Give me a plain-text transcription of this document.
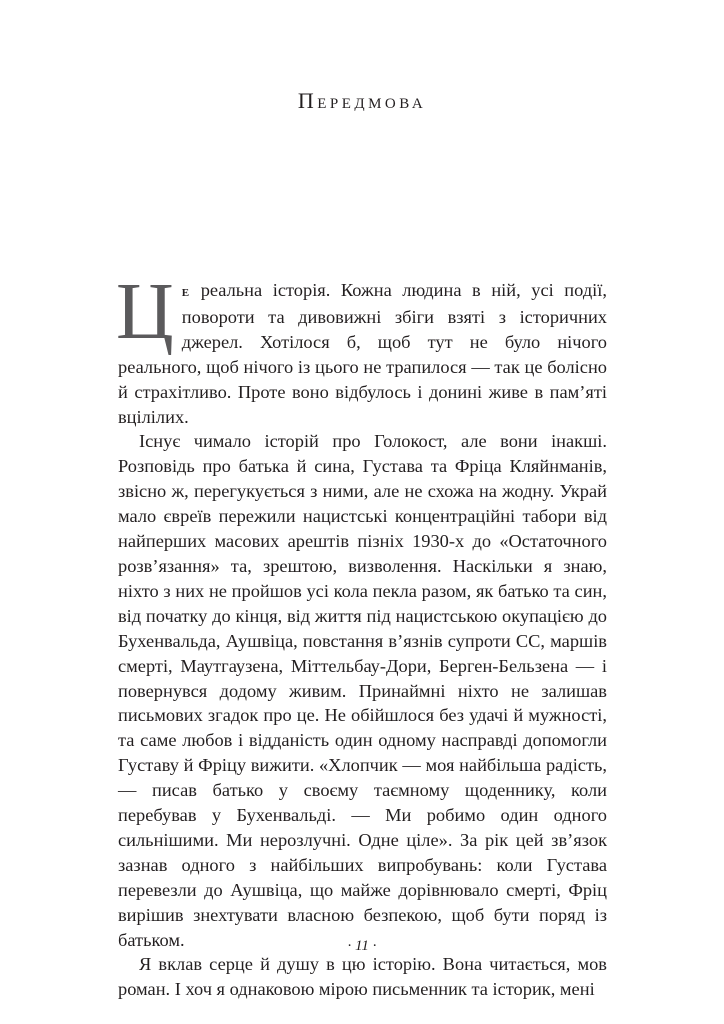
Передмова

Це реальна історія. Кожна людина в ній, усі події, повороти та дивовижні збіги взяті з історичних джерел. Хотілося б, щоб тут не було нічого реального, щоб нічого із цього не трапилося — так це болісно й страхітливо. Проте воно відбулось і донині живе в пам’яті вцілілих.

Існує чимало історій про Голокост, але вони інакші. Розповідь про батька й сина, Густава та Фріца Кляйнманів, звісно ж, перегукується з ними, але не схожа на жодну. Украй мало євреїв пережили нацистські концентраційні табори від найперших масових арештів пізніх 1930-х до «Остаточного розв’язання» та, зрештою, визволення. Наскільки я знаю, ніхто з них не пройшов усі кола пекла разом, як батько та син, від початку до кінця, від життя під нацистською окупацією до Бухенвальда, Аушвіца, повстання в’язнів супроти СС, маршів смерті, Маутгаузена, Міттельбау-Дори, Берген-Бельзена — і повернувся додому живим. Принаймні ніхто не залишав письмових згадок про це. Не обійшлося без удачі й мужності, та саме любов і відданість один одному насправді допомогли Густаву й Фріцу вижити. «Хлопчик — моя найбільша радість, — писав батько у своєму таємному щоденнику, коли перебував у Бухенвальді. — Ми робимо один одного сильнішими. Ми нерозлучні. Одне ціле». За рік цей зв’язок зазнав одного з найбільших випробувань: коли Густава перевезли до Аушвіца, що майже дорівнювало смерті, Фріц вирішив знехтувати власною безпекою, щоб бути поряд із батьком.

Я вклав серце й душу в цю історію. Вона читається, мов роман. І хоч я однаковою мірою письменник та історик, мені

· 11 ·
